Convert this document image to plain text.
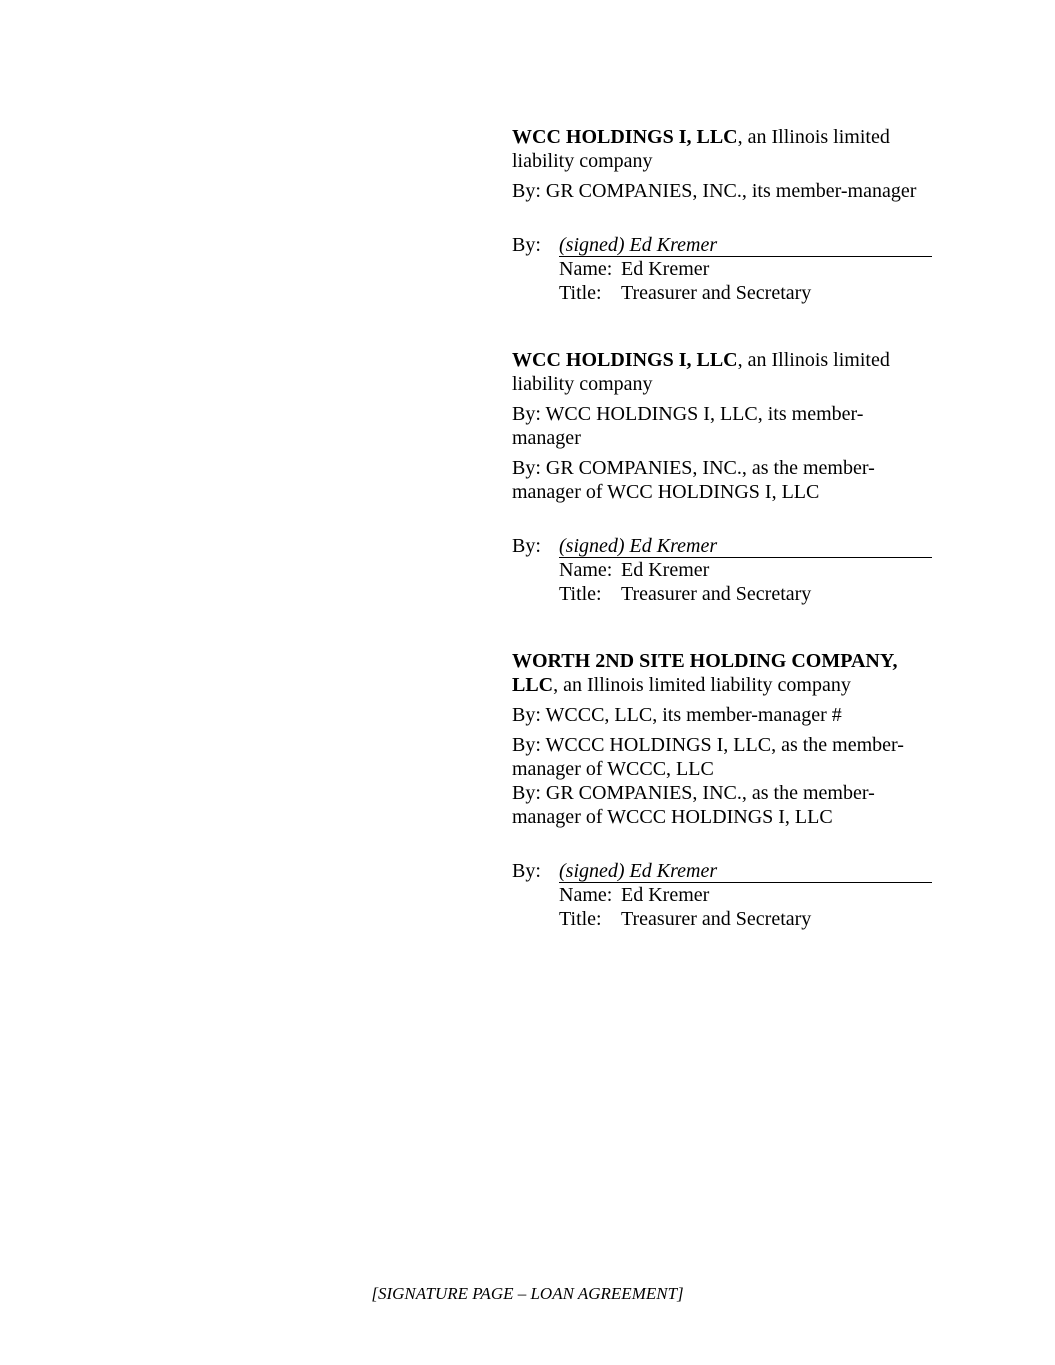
WCC HOLDINGS I, LLC, an Illinois limited liability company

By: GR COMPANIES, INC., its member-manager

By: (signed) Ed Kremer
Name: Ed Kremer
Title: Treasurer and Secretary

WCC HOLDINGS I, LLC, an Illinois limited liability company

By: WCC HOLDINGS I, LLC, its member-manager

By: GR COMPANIES, INC., as the member-manager of WCC HOLDINGS I, LLC

By: (signed) Ed Kremer
Name: Ed Kremer
Title: Treasurer and Secretary

WORTH 2ND SITE HOLDING COMPANY, LLC, an Illinois limited liability company

By: WCCC, LLC, its member-manager #

By: WCCC HOLDINGS I, LLC, as the member-manager of WCCC, LLC

By: GR COMPANIES, INC., as the member-manager of WCCC HOLDINGS I, LLC

By: (signed) Ed Kremer
Name: Ed Kremer
Title: Treasurer and Secretary
[SIGNATURE PAGE – LOAN AGREEMENT]
